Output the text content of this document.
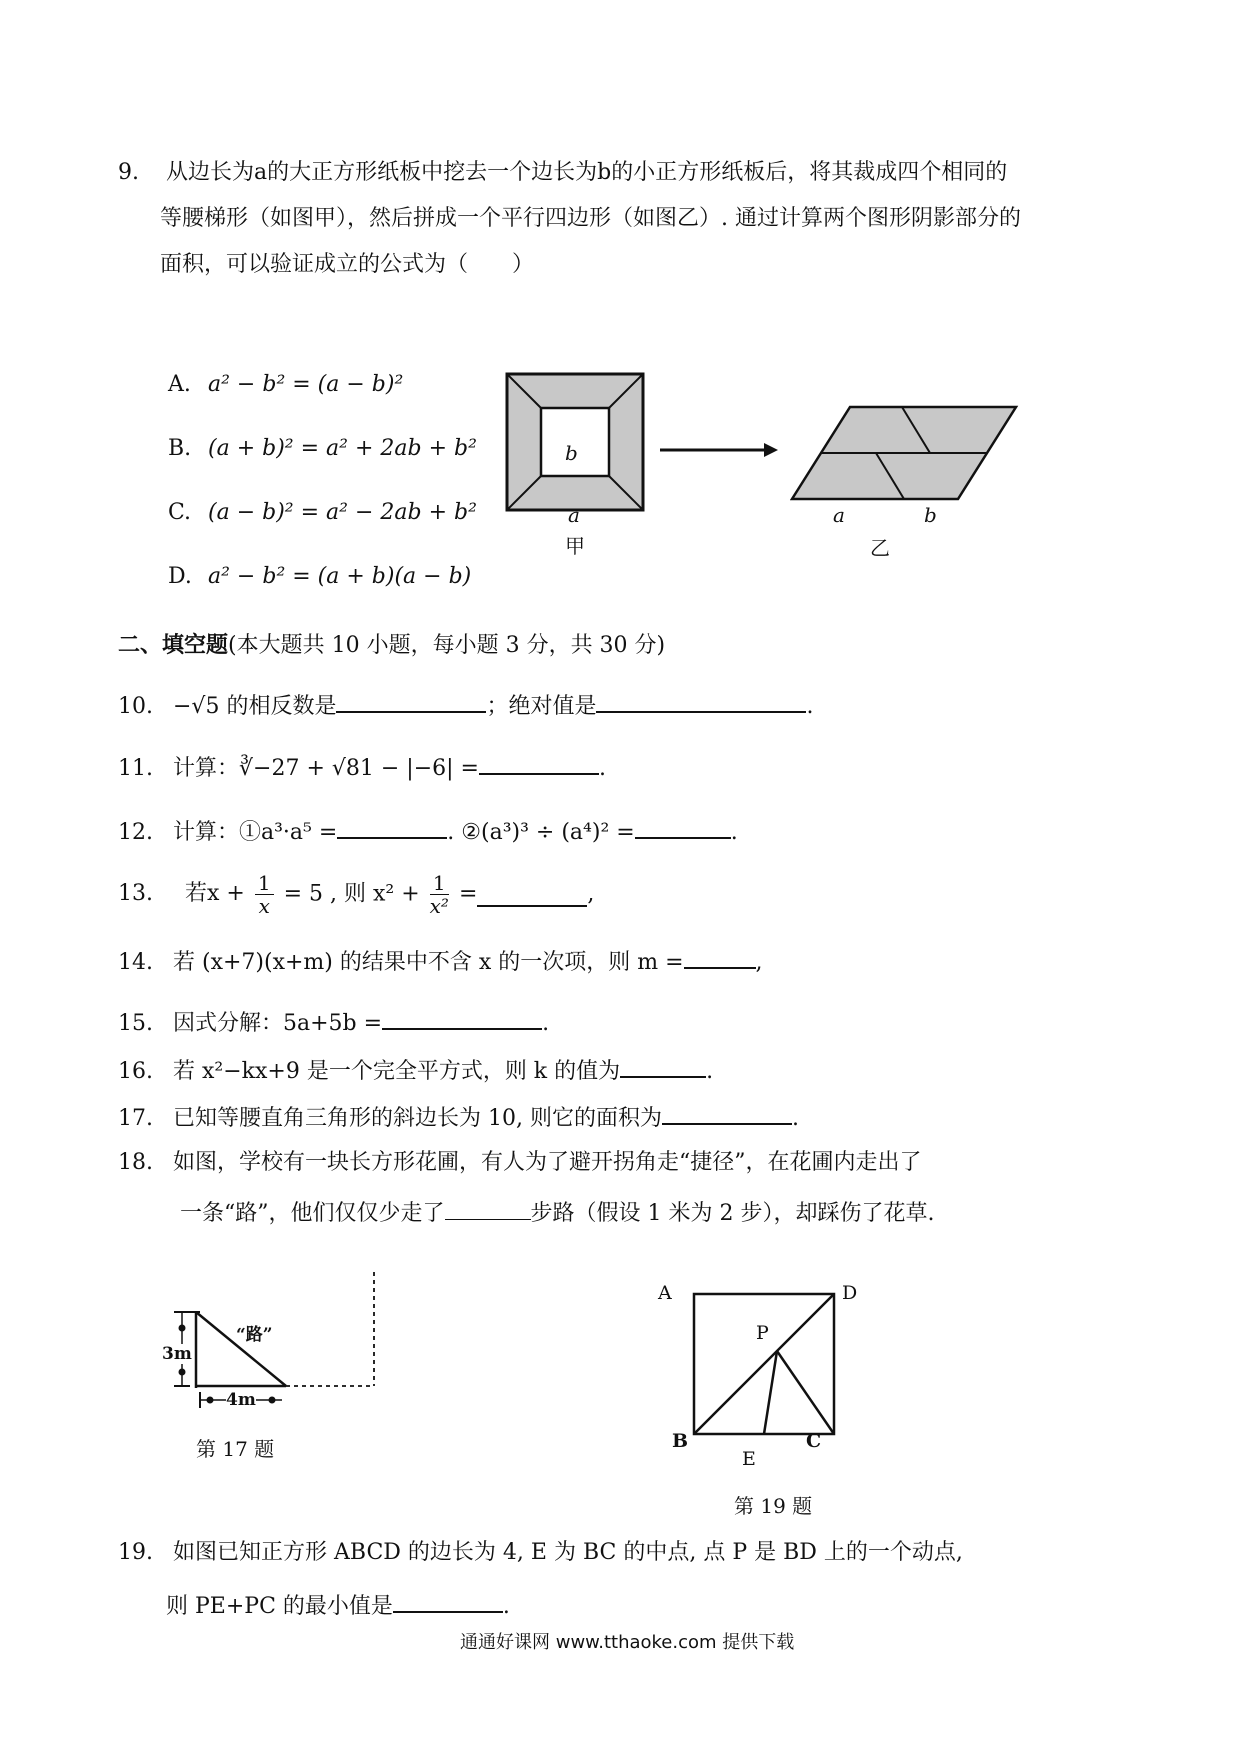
9. 从边长为a的大正方形纸板中挖去一个边长为b的小正方形纸板后，将其裁成四个相同的
等腰梯形（如图甲），然后拼成一个平行四边形（如图乙）. 通过计算两个图形阴影部分的
面积，可以验证成立的公式为（　　）
A. a² − b² = (a − b)²
B. (a + b)² = a² + 2ab + b²
C. (a − b)² = a² − 2ab + b²
D. a² − b² = (a + b)(a − b)
b
a
甲
a	b
乙
二、填空题(本大题共 10 小题，每小题 3 分，共 30 分)
10. −√5 的相反数是	；绝对值是	.
11. 计算：∛−27 + √81 − |−6| =	.
12. 计算：①a³·a⁵ =	. ②(a³)³ ÷ (a⁴)² =	.
13. 若$x + \frac{1}{x} = 5$ , 则 $x^2 + \frac{1}{\text{x²}}$ =	,
14. 若 (x+7)(x+m) 的结果中不含 x 的一次项，则 m =	,
15. 因式分解：5a+5b =	.
16. 若 x²−kx+9 是一个完全平方式，则 k 的值为	.
17. 已知等腰直角三角形的斜边长为 10, 则它的面积为	.
18. 如图，学校有一块长方形花圃，有人为了避开拐角走“捷径”，在花圃内走出了
一条“路”，他们仅仅少走了	步路（假设 1 米为 2 步），却踩伤了花草.
“路”
3m
4m
第 17 题
A	D
P
B	C
E
第 19 题
19. 如图已知正方形 ABCD 的边长为 4, E 为 BC 的中点, 点 P 是 BD 上的一个动点,
则 PE+PC 的最小值是	.
通通好课网 www.tthaoke.com 提供下载
